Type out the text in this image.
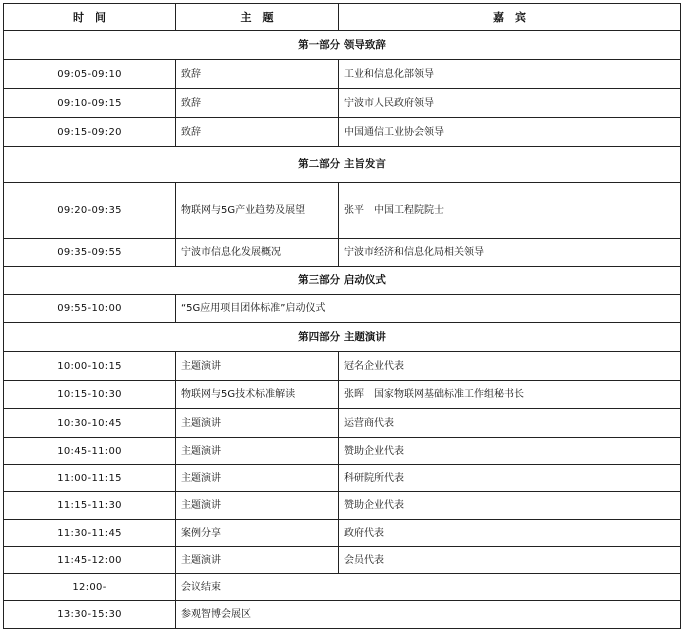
时　间	主　题	嘉　宾
第一部分 领导致辞		
09:05-09:10	致辞	工业和信息化部领导
09:10-09:15	致辞	宁波市人民政府领导
09:15-09:20	致辞	中国通信工业协会领导
第二部分 主旨发言		
09:20-09:35	物联网与5G产业趋势及展望	张平　中国工程院院士
09:35-09:55	宁波市信息化发展概况	宁波市经济和信息化局相关领导
第三部分 启动仪式		
09:55-10:00	“5G应用项目团体标准”启动仪式	
第四部分 主题演讲		
10:00-10:15	主题演讲	冠名企业代表
10:15-10:30	物联网与5G技术标准解读	张晖　国家物联网基础标准工作组秘书长
10:30-10:45	主题演讲	运营商代表
10:45-11:00	主题演讲	赞助企业代表
11:00-11:15	主题演讲	科研院所代表
11:15-11:30	主题演讲	赞助企业代表
11:30-11:45	案例分享	政府代表
11:45-12:00	主题演讲	会员代表
12:00-	会议结束	
13:30-15:30	参观智博会展区	
